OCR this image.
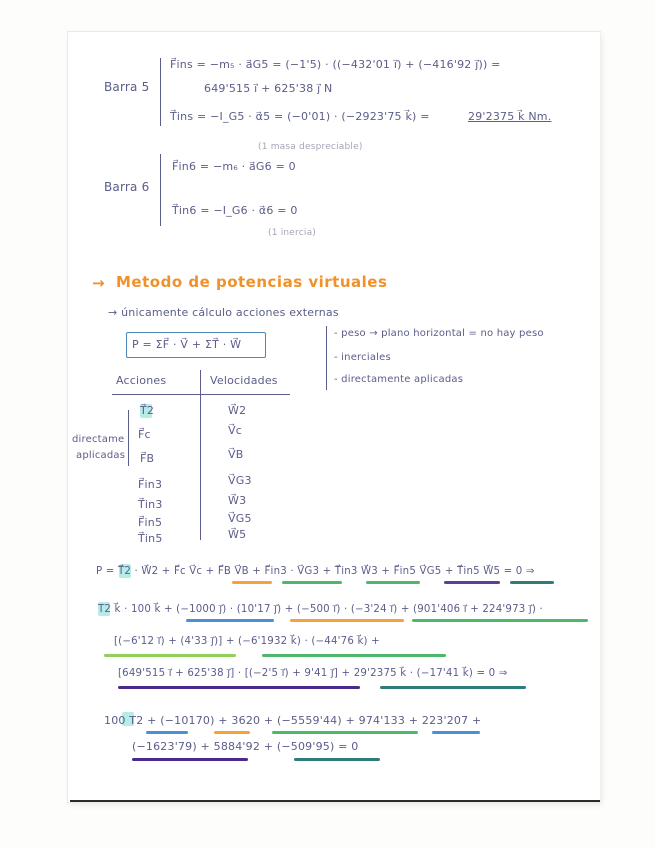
Barra 5
F⃗ins = −m₅ · a⃗G5 = (−1'5) · ((−432'01 i⃗) + (−416'92 j⃗)) =
649'515 i⃗ + 625'38 j⃗ N
T⃗ins = −I_G5 · α⃗5 = (−0'01) · (−2923'75 k⃗) =	29'2375 k⃗ Nm.
(1 masa despreciable)
Barra 6
F⃗in6 = −m₆ · a⃗G6 = 0
T⃗in6 = −I_G6 · α⃗6 = 0
(1 inercia)
→ Metodo de potencias virtuales
→ únicamente cálculo acciones externas
P = ΣF⃗ · V⃗ + ΣT⃗ · W⃗
- peso → plano horizontal = no hay peso
- inerciales
- directamente aplicadas
Acciones	Velocidades
directame
aplicadas
T⃗2	W⃗2
F⃗c	V⃗c
F⃗B	V⃗B
F⃗in3	V⃗G3
T⃗in3	W⃗3
F⃗in5	V⃗G5
T⃗in5	W⃗5
P = T⃗2 · W⃗2 + F⃗c V⃗c + F⃗B V⃗B + F⃗in3 · V⃗G3 + T⃗in3 W⃗3 + F⃗in5 V⃗G5 + T⃗in5 W⃗5 = 0 ⇒
T2 k⃗ · 100 k⃗ + (−1000 j⃗) · (10'17 j⃗) + (−500 i⃗) · (−3'24 i⃗) + (901'406 i⃗ + 224'973 j⃗) ·
[(−6'12 i⃗) + (4'33 j⃗)] + (−6'1932 k⃗) · (−44'76 k⃗) +
[649'515 i⃗ + 625'38 j⃗] · [(−2'5 i⃗) + 9'41 j⃗] + 29'2375 k⃗ · (−17'41 k⃗) = 0 ⇒
100 T2 + (−10170) + 3620 + (−5559'44) + 974'133 + 223'207 +
(−1623'79) + 5884'92 + (−509'95) = 0
